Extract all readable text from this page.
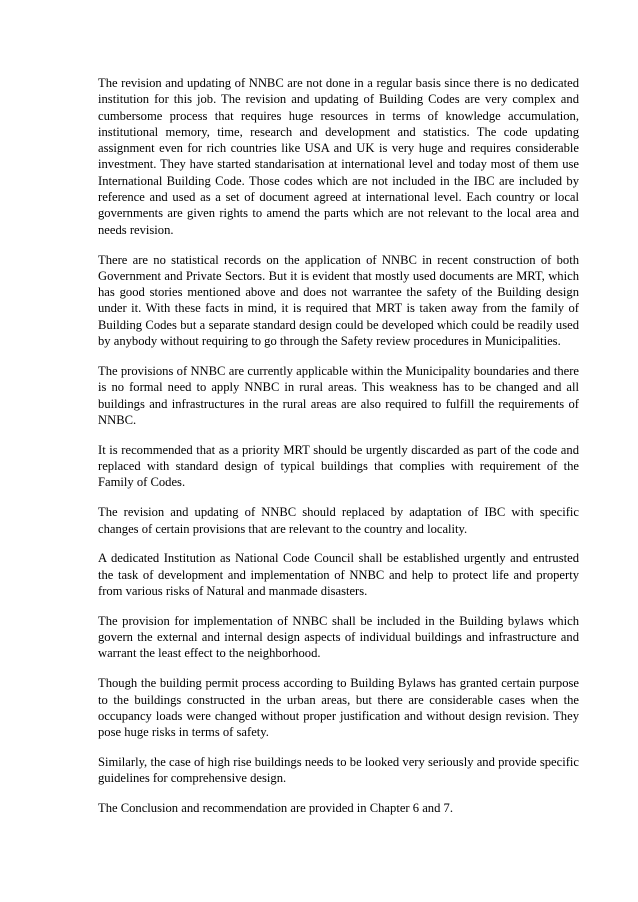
The revision and updating of NNBC are not done in a regular basis since there is no dedicated institution for this job. The revision and updating of Building Codes are very complex and cumbersome process that requires huge resources in terms of knowledge accumulation, institutional memory, time, research and development and statistics. The code updating assignment even for rich countries like USA and UK is very huge and requires considerable investment. They have started standarisation at international level and today most of them use International Building Code. Those codes which are not included in the IBC are included by reference and used as a set of document agreed at international level. Each country or local governments are given rights to amend the parts which are not relevant to the local area and needs revision.

There are no statistical records on the application of NNBC in recent construction of both Government and Private Sectors. But it is evident that mostly used documents are MRT, which has good stories mentioned above and does not warrantee the safety of the Building design under it. With these facts in mind, it is required that MRT is taken away from the family of Building Codes but a separate standard design could be developed which could be readily used by anybody without requiring to go through the Safety review procedures in Municipalities.

The provisions of NNBC are currently applicable within the Municipality boundaries and there is no formal need to apply NNBC in rural areas. This weakness has to be changed and all buildings and infrastructures in the rural areas are also required to fulfill the requirements of NNBC.

It is recommended that as a priority MRT should be urgently discarded as part of the code and replaced with standard design of typical buildings that complies with requirement of the Family of Codes.

The revision and updating of NNBC should replaced by adaptation of IBC with specific changes of certain provisions that are relevant to the country and locality.

A dedicated Institution as National Code Council shall be established urgently and entrusted the task of development and implementation of NNBC and help to protect life and property from various risks of Natural and manmade disasters.

The provision for implementation of NNBC shall be included in the Building bylaws which govern the external and internal design aspects of individual buildings and infrastructure and warrant the least effect to the neighborhood.

Though the building permit process according to Building Bylaws has granted certain purpose to the buildings constructed in the urban areas, but there are considerable cases when the occupancy loads were changed without proper justification and without design revision. They pose huge risks in terms of safety.

Similarly, the case of high rise buildings needs to be looked very seriously and provide specific guidelines for comprehensive design.

The Conclusion and recommendation are provided in Chapter 6 and 7.
